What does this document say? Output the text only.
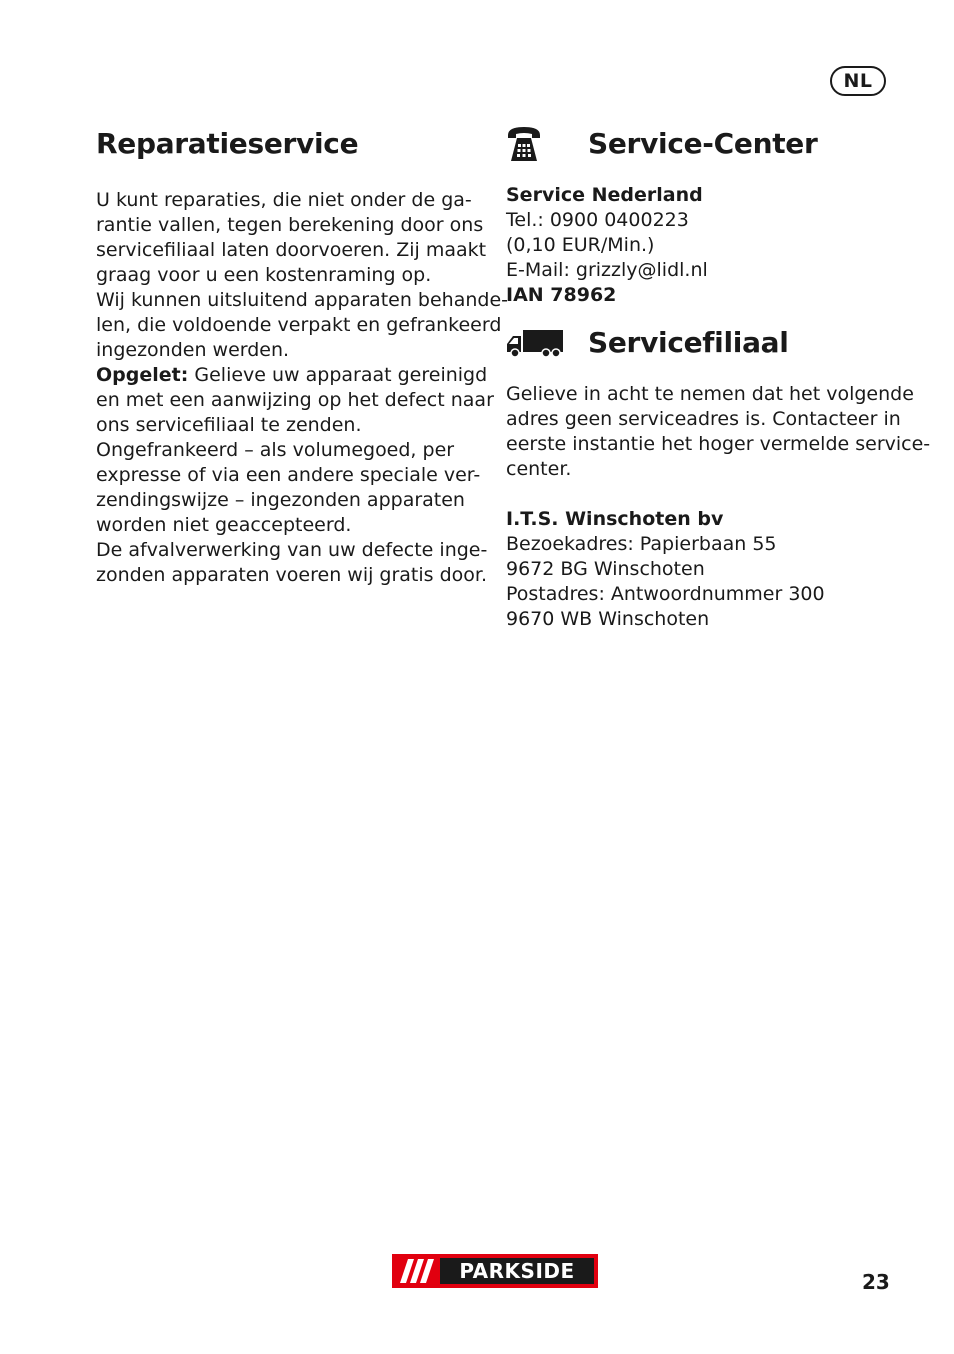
NL
Reparatieservice

U kunt reparaties, die niet onder de ga-

rantie vallen, tegen berekening door ons

servicefiliaal laten doorvoeren. Zij maakt

graag voor u een kostenraming op.

Wij kunnen uitsluitend apparaten behande-

len, die voldoende verpakt en gefrankeerd

ingezonden werden.

Opgelet: Gelieve uw apparaat gereinigd

en met een aanwijzing op het defect naar

ons servicefiliaal te zenden.

Ongefrankeerd – als volumegoed, per

expresse of via een andere speciale ver-

zendingswijze – ingezonden apparaten

worden niet geaccepteerd.

De afvalverwerking van uw defecte inge-

zonden apparaten voeren wij gratis door.

Service-Center

Service Nederland

Tel.: 0900 0400223

(0,10 EUR/Min.)

E-Mail: grizzly@lidl.nl

IAN 78962

Servicefiliaal

Gelieve in acht te nemen dat het volgende

adres geen serviceadres is. Contacteer in

eerste instantie het hoger vermelde service-

center.

I.T.S. Winschoten bv

Bezoekadres: Papierbaan 55

9672 BG Winschoten

Postadres: Antwoordnummer 300

9670 WB Winschoten

PARKSIDE	23
